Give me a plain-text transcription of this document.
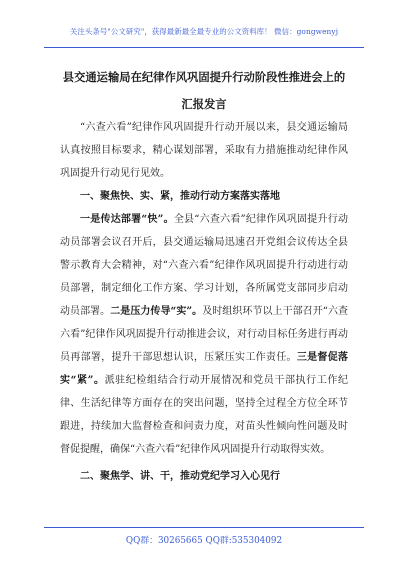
关注头条号"公文研究"，获得最新最全最专业的公文资料库！ 微信：gongwenyj
县交通运输局在纪律作风巩固提升行动阶段性推进会上的
汇报发言

“六查六看”纪律作风巩固提升行动开展以来，县交通运输局认真按照目标要求，精心谋划部署，采取有力措施推动纪律作风巩固提升行动见行见效。

一、聚焦快、实、紧，推动行动方案落实落地

一是传达部署“快”。全县“六查六看”纪律作风巩固提升行动动员部署会议召开后，县交通运输局迅速召开党组会议传达全县警示教育大会精神，对“六查六看”纪律作风巩固提升行动进行动员部署，制定细化工作方案、学习计划，各所属党支部同步启动动员部署。二是压力传导“实”。及时组织环节以上干部召开“六查六看”纪律作风巩固提升行动推进会议，对行动目标任务进行再动员再部署，提升干部思想认识，压紧压实工作责任。三是督促落实“紧”。派驻纪检组结合行动开展情况和党员干部执行工作纪律、生活纪律等方面存在的突出问题，坚持全过程全方位全环节跟进，持续加大监督检查和问责力度，对苗头性倾向性问题及时督促提醒，确保“六查六看”纪律作风巩固提升行动取得实效。

二、聚焦学、讲、干，推动党纪学习入心见行

QQ群：30265665 QQ群:535304092
